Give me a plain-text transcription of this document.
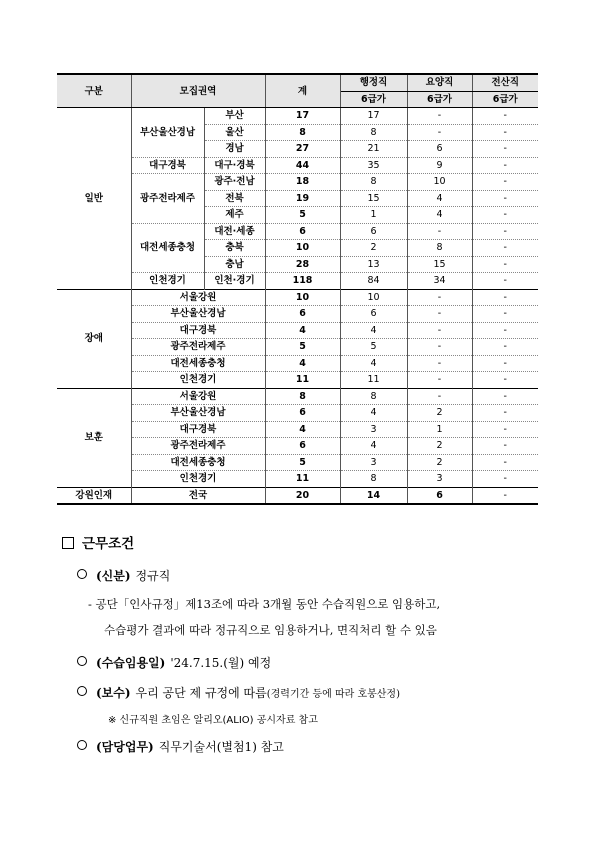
구분	모집권역		계	행정직	요양직	전산직
				6급가	6급가	6급가
일반	부산울산경남	부산	17	17	-	-
		울산	8	8	-	-
		경남	27	21	6	-
	대구경북	대구·경북	44	35	9	-
	광주전라제주	광주·전남	18	8	10	-
		전북	19	15	4	-
		제주	5	1	4	-
	대전세종충청	대전·세종	6	6	-	-
		충북	10	2	8	-
		충남	28	13	15	-
	인천경기	인천·경기	118	84	34	-
장애	서울강원		10	10	-	-
	부산울산경남		6	6	-	-
	대구경북		4	4	-	-
	광주전라제주		5	5	-	-
	대전세종충청		4	4	-	-
	인천경기		11	11	-	-
보훈	서울강원		8	8	-	-
	부산울산경남		6	4	2	-
	대구경북		4	3	1	-
	광주전라제주		6	4	2	-
	대전세종충청		5	3	2	-
	인천경기		11	8	3	-
강원인재	전국		20	14	6	-
근무조건
(신분) 정규직
- 공단「인사규정」제13조에 따라 3개월 동안 수습직원으로 임용하고,
수습평가 결과에 따라 정규직으로 임용하거나, 면직처리 할 수 있음
(수습임용일) '24.7.15.(월) 예정
(보수) 우리 공단 제 규정에 따름(경력기간 등에 따라 호봉산정)
※ 신규직원 초임은 알리오(ALIO) 공시자료 참고
(담당업무) 직무기술서(별첨1) 참고
